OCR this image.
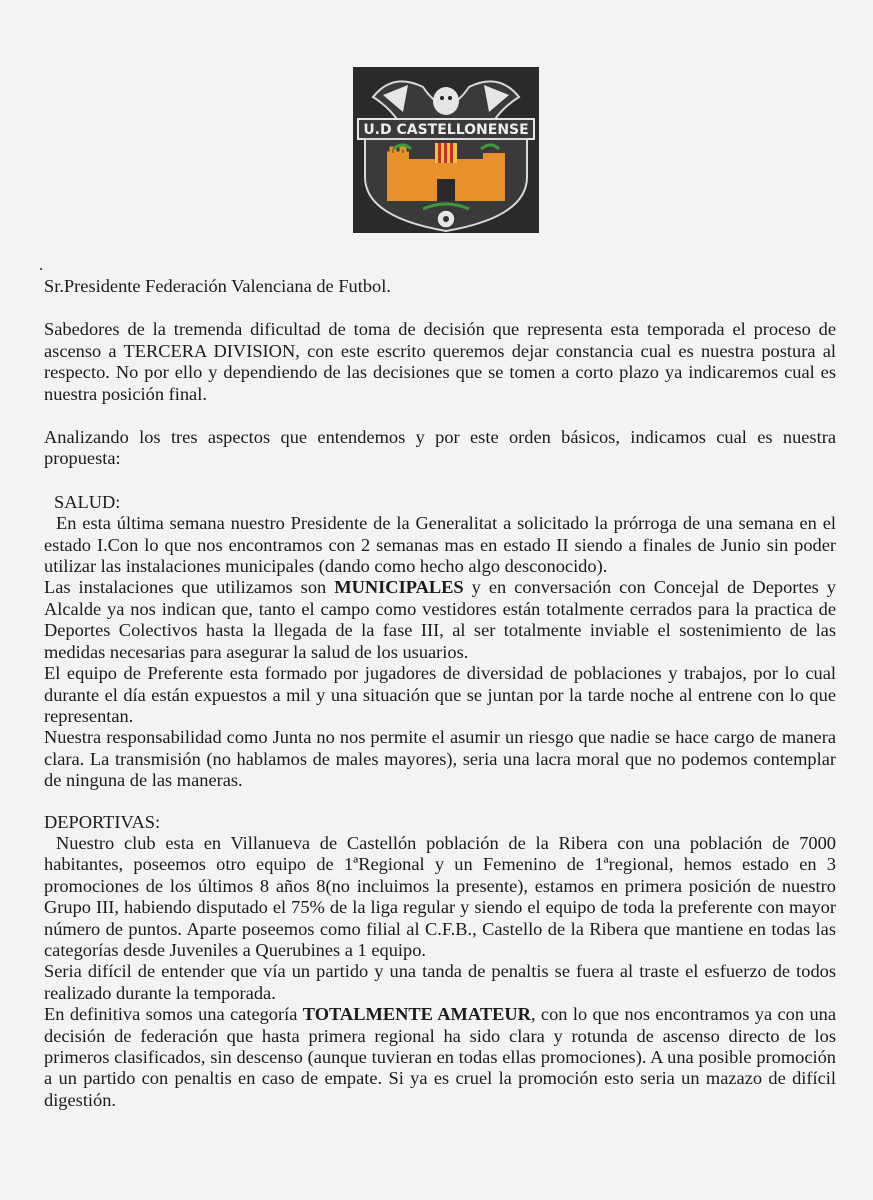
U.D CASTELLONENSE

Sr.Presidente Federación Valenciana de Futbol.

Sabedores de la tremenda dificultad de toma de decisión que representa esta temporada el proceso de ascenso a TERCERA DIVISION, con este escrito queremos dejar constancia cual es nuestra postura al respecto. No por ello y dependiendo de las decisiones que se tomen a corto plazo ya indicaremos cual es nuestra posición final.

Analizando los tres aspectos que entendemos y por este orden básicos, indicamos cual es nuestra propuesta:

SALUD:

En esta última semana nuestro Presidente de la Generalitat a solicitado la prórroga de una semana en el estado I.Con lo que nos encontramos con 2 semanas mas en estado II siendo a finales de Junio sin poder utilizar las instalaciones municipales (dando como hecho algo desconocido).

Las instalaciones que utilizamos son MUNICIPALES y en conversación con Concejal de Deportes y Alcalde ya nos indican que, tanto el campo como vestidores están totalmente cerrados para la practica de Deportes Colectivos hasta la llegada de la fase III, al ser totalmente inviable el sostenimiento de las medidas necesarias para asegurar la salud de los usuarios.

El equipo de Preferente esta formado por jugadores de diversidad de poblaciones y trabajos, por lo cual durante el día están expuestos a mil y una situación que se juntan por la tarde noche al entrene con lo que representan.

Nuestra responsabilidad como Junta no nos permite el asumir un riesgo que nadie se hace cargo de manera clara. La transmisión (no hablamos de males mayores), seria una lacra moral que no podemos contemplar de ninguna de las maneras.

DEPORTIVAS:

Nuestro club esta en Villanueva de Castellón población de la Ribera con una población de 7000 habitantes, poseemos otro equipo de 1ªRegional y un Femenino de 1ªregional, hemos estado en 3 promociones de los últimos 8 años 8(no incluimos la presente), estamos en primera posición de nuestro Grupo III, habiendo disputado el 75% de la liga regular y siendo el equipo de toda la preferente con mayor número de puntos. Aparte poseemos como filial al C.F.B., Castello de la Ribera que mantiene en todas las categorías desde Juveniles a Querubines a 1 equipo.

Seria difícil de entender que vía un partido y una tanda de penaltis se fuera al traste el esfuerzo de todos realizado durante la temporada.

En definitiva somos una categoría TOTALMENTE AMATEUR, con lo que nos encontramos ya con una decisión de federación que hasta primera regional ha sido clara y rotunda de ascenso directo de los primeros clasificados, sin descenso (aunque tuvieran en todas ellas promociones). A una posible promoción a un partido con penaltis en caso de empate. Si ya es cruel la promoción esto seria un mazazo de difícil digestión.
